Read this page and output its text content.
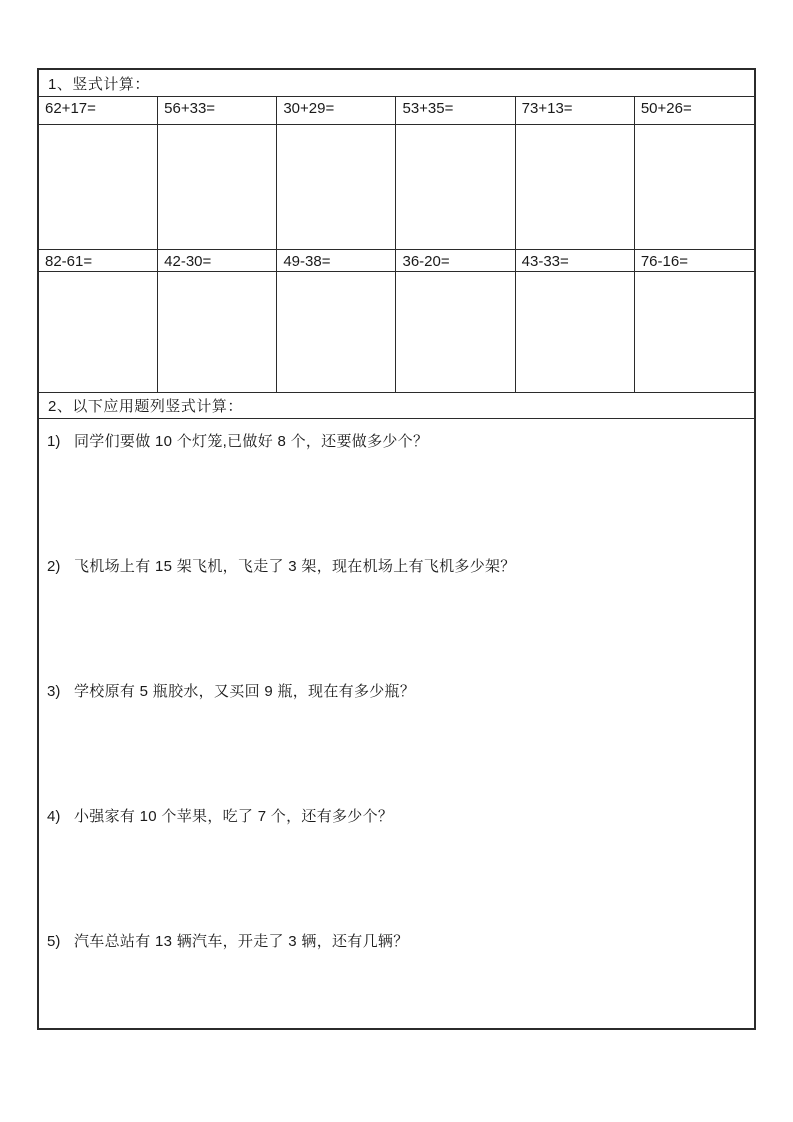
1、竖式计算：
62+17=	56+33=	30+29=	53+35=	73+13=	50+26=
82-61=	42-30=	49-38=	36-20=	43-33=	76-16=
2、以下应用题列竖式计算：
1) 同学们要做 10 个灯笼,已做好 8 个，还要做多少个？
2) 飞机场上有 15 架飞机，飞走了 3 架，现在机场上有飞机多少架？
3) 学校原有 5 瓶胶水，又买回 9 瓶，现在有多少瓶？
4) 小强家有 10 个苹果，吃了 7 个，还有多少个？
5) 汽车总站有 13 辆汽车，开走了 3 辆，还有几辆？
